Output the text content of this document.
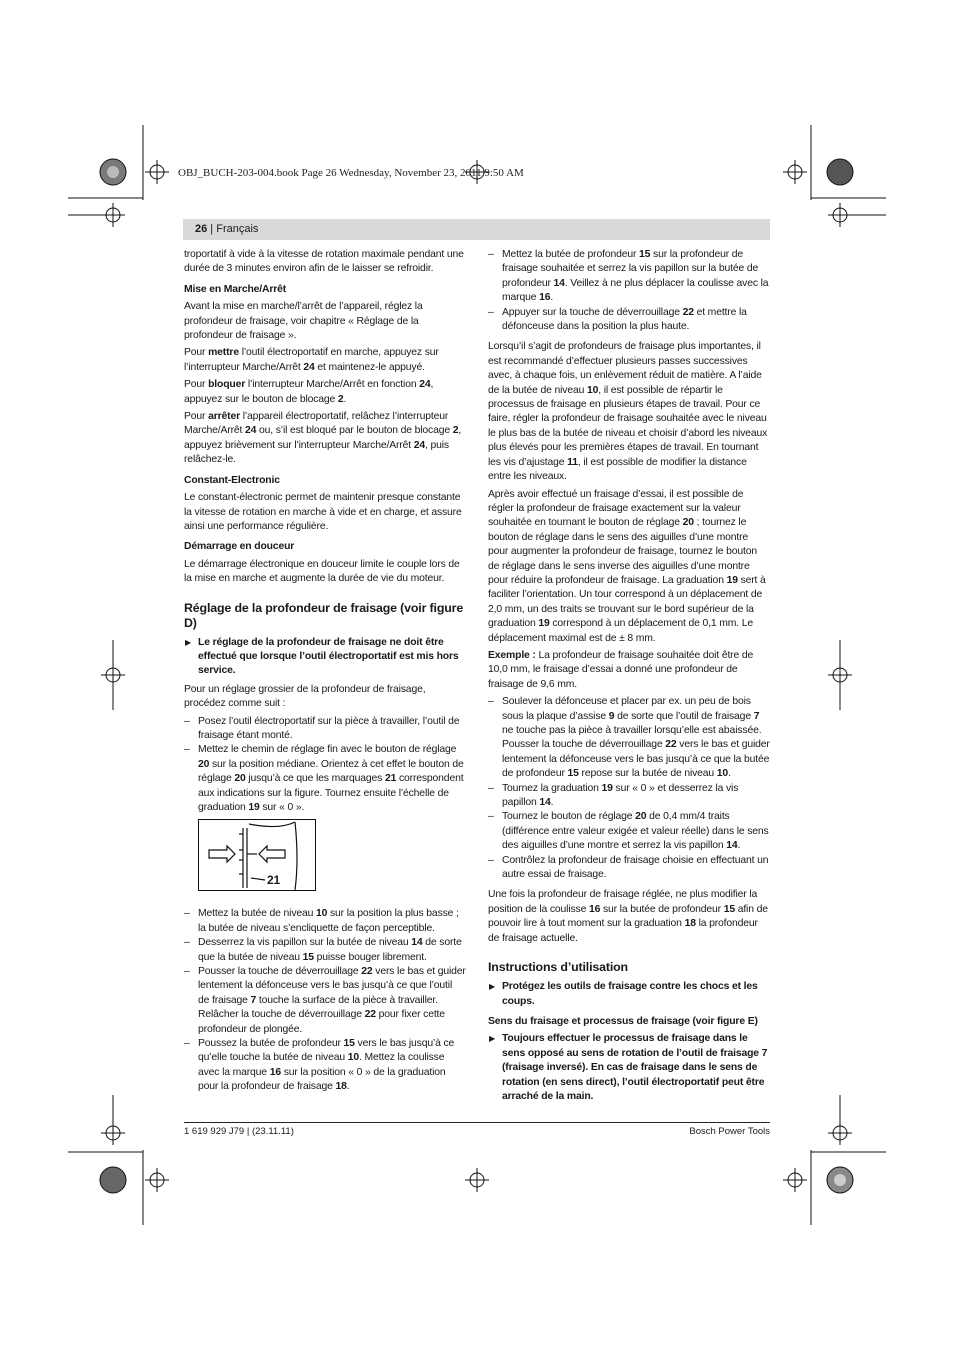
OBJ_BUCH-203-004.book Page 26 Wednesday, November 23, 2011 9:50 AM
26 | Français

troportatif à vide à la vitesse de rotation maximale pendant une durée de 3 minutes environ afin de le laisser se refroidir.

Mise en Marche/Arrêt

Avant la mise en marche/l’arrêt de l’appareil, réglez la profondeur de fraisage, voir chapitre « Réglage de la profondeur de fraisage ».

Pour mettre l’outil électroportatif en marche, appuyez sur l’interrupteur Marche/Arrêt 24 et maintenez-le appuyé.

Pour bloquer l’interrupteur Marche/Arrêt en fonction 24, appuyez sur le bouton de blocage 2.

Pour arrêter l’appareil électroportatif, relâchez l’interrupteur Marche/Arrêt 24 ou, s’il est bloqué par le bouton de blocage 2, appuyez brièvement sur l’interrupteur Marche/Arrêt 24, puis relâchez-le.

Constant-Electronic

Le constant-électronic permet de maintenir presque constante la vitesse de rotation en marche à vide et en charge, et assure ainsi une performance régulière.

Démarrage en douceur

Le démarrage électronique en douceur limite le couple lors de la mise en marche et augmente la durée de vie du moteur.

Réglage de la profondeur de fraisage (voir figure D)

▶ Le réglage de la profondeur de fraisage ne doit être effectué que lorsque l’outil électroportatif est mis hors service.

Pour un réglage grossier de la profondeur de fraisage, procédez comme suit :

– Posez l’outil électroportatif sur la pièce à travailler, l’outil de fraisage étant monté.

– Mettez le chemin de réglage fin avec le bouton de réglage 20 sur la position médiane. Orientez à cet effet le bouton de réglage 20 jusqu’à ce que les marquages 21 correspondent aux indications sur la figure. Tournez ensuite l’échelle de graduation 19 sur « 0 ».

21

– Mettez la butée de niveau 10 sur la position la plus basse ; la butée de niveau s’encliquette de façon perceptible.

– Desserrez la vis papillon sur la butée de niveau 14 de sorte que la butée de niveau 15 puisse bouger librement.

– Pousser la touche de déverrouillage 22 vers le bas et guider lentement la défonceuse vers le bas jusqu’à ce que l’outil de fraisage 7 touche la surface de la pièce à travailler. Relâcher la touche de déverrouillage 22 pour fixer cette profondeur de plongée.

– Poussez la butée de profondeur 15 vers le bas jusqu’à ce qu’elle touche la butée de niveau 10. Mettez la coulisse avec la marque 16 sur la position « 0 » de la graduation pour la profondeur de fraisage 18.

– Mettez la butée de profondeur 15 sur la profondeur de fraisage souhaitée et serrez la vis papillon sur la butée de profondeur 14. Veillez à ne plus déplacer la coulisse avec la marque 16.

– Appuyer sur la touche de déverrouillage 22 et mettre la défonceuse dans la position la plus haute.

Lorsqu’il s’agit de profondeurs de fraisage plus importantes, il est recommandé d’effectuer plusieurs passes successives avec, à chaque fois, un enlèvement réduit de matière. A l’aide de la butée de niveau 10, il est possible de répartir le processus de fraisage en plusieurs étapes de travail. Pour ce faire, régler la profondeur de fraisage souhaitée avec le niveau le plus bas de la butée de niveau et choisir d’abord les niveaux plus élevés pour les premières étapes de travail. En tournant les vis d’ajustage 11, il est possible de modifier la distance entre les niveaux.

Après avoir effectué un fraisage d’essai, il est possible de régler la profondeur de fraisage exactement sur la valeur souhaitée en tournant le bouton de réglage 20 ; tournez le bouton de réglage dans le sens des aiguilles d’une montre pour augmenter la profondeur de fraisage, tournez le bouton de réglage dans le sens inverse des aiguilles d’une montre pour réduire la profondeur de fraisage. La graduation 19 sert à faciliter l’orientation. Un tour correspond à un déplacement de 2,0 mm, un des traits se trouvant sur le bord supérieur de la graduation 19 correspond à un déplacement de 0,1 mm. Le déplacement maximal est de ± 8 mm.

Exemple : La profondeur de fraisage souhaitée doit être de 10,0 mm, le fraisage d’essai a donné une profondeur de fraisage de 9,6 mm.

– Soulever la défonceuse et placer par ex. un peu de bois sous la plaque d’assise 9 de sorte que l’outil de fraisage 7 ne touche pas la pièce à travailler lorsqu’elle est abaissée. Pousser la touche de déverrouillage 22 vers le bas et guider lentement la défonceuse vers le bas jusqu’à ce que la butée de profondeur 15 repose sur la butée de niveau 10.

– Tournez la graduation 19 sur « 0 » et desserrez la vis papillon 14.

– Tournez le bouton de réglage 20 de 0,4 mm/4 traits (différence entre valeur exigée et valeur réelle) dans le sens des aiguilles d’une montre et serrez la vis papillon 14.

– Contrôlez la profondeur de fraisage choisie en effectuant un autre essai de fraisage.

Une fois la profondeur de fraisage réglée, ne plus modifier la position de la coulisse 16 sur la butée de profondeur 15 afin de pouvoir lire à tout moment sur la graduation 18 la profondeur de fraisage actuelle.

Instructions d’utilisation

▶ Protégez les outils de fraisage contre les chocs et les coups.

Sens du fraisage et processus de fraisage (voir figure E)

▶ Toujours effectuer le processus de fraisage dans le sens opposé au sens de rotation de l’outil de fraisage 7 (fraisage inversé). En cas de fraisage dans le sens de rotation (en sens direct), l’outil électroportatif peut être arraché de la main.

1 619 929 J79 | (23.11.11)	Bosch Power Tools
